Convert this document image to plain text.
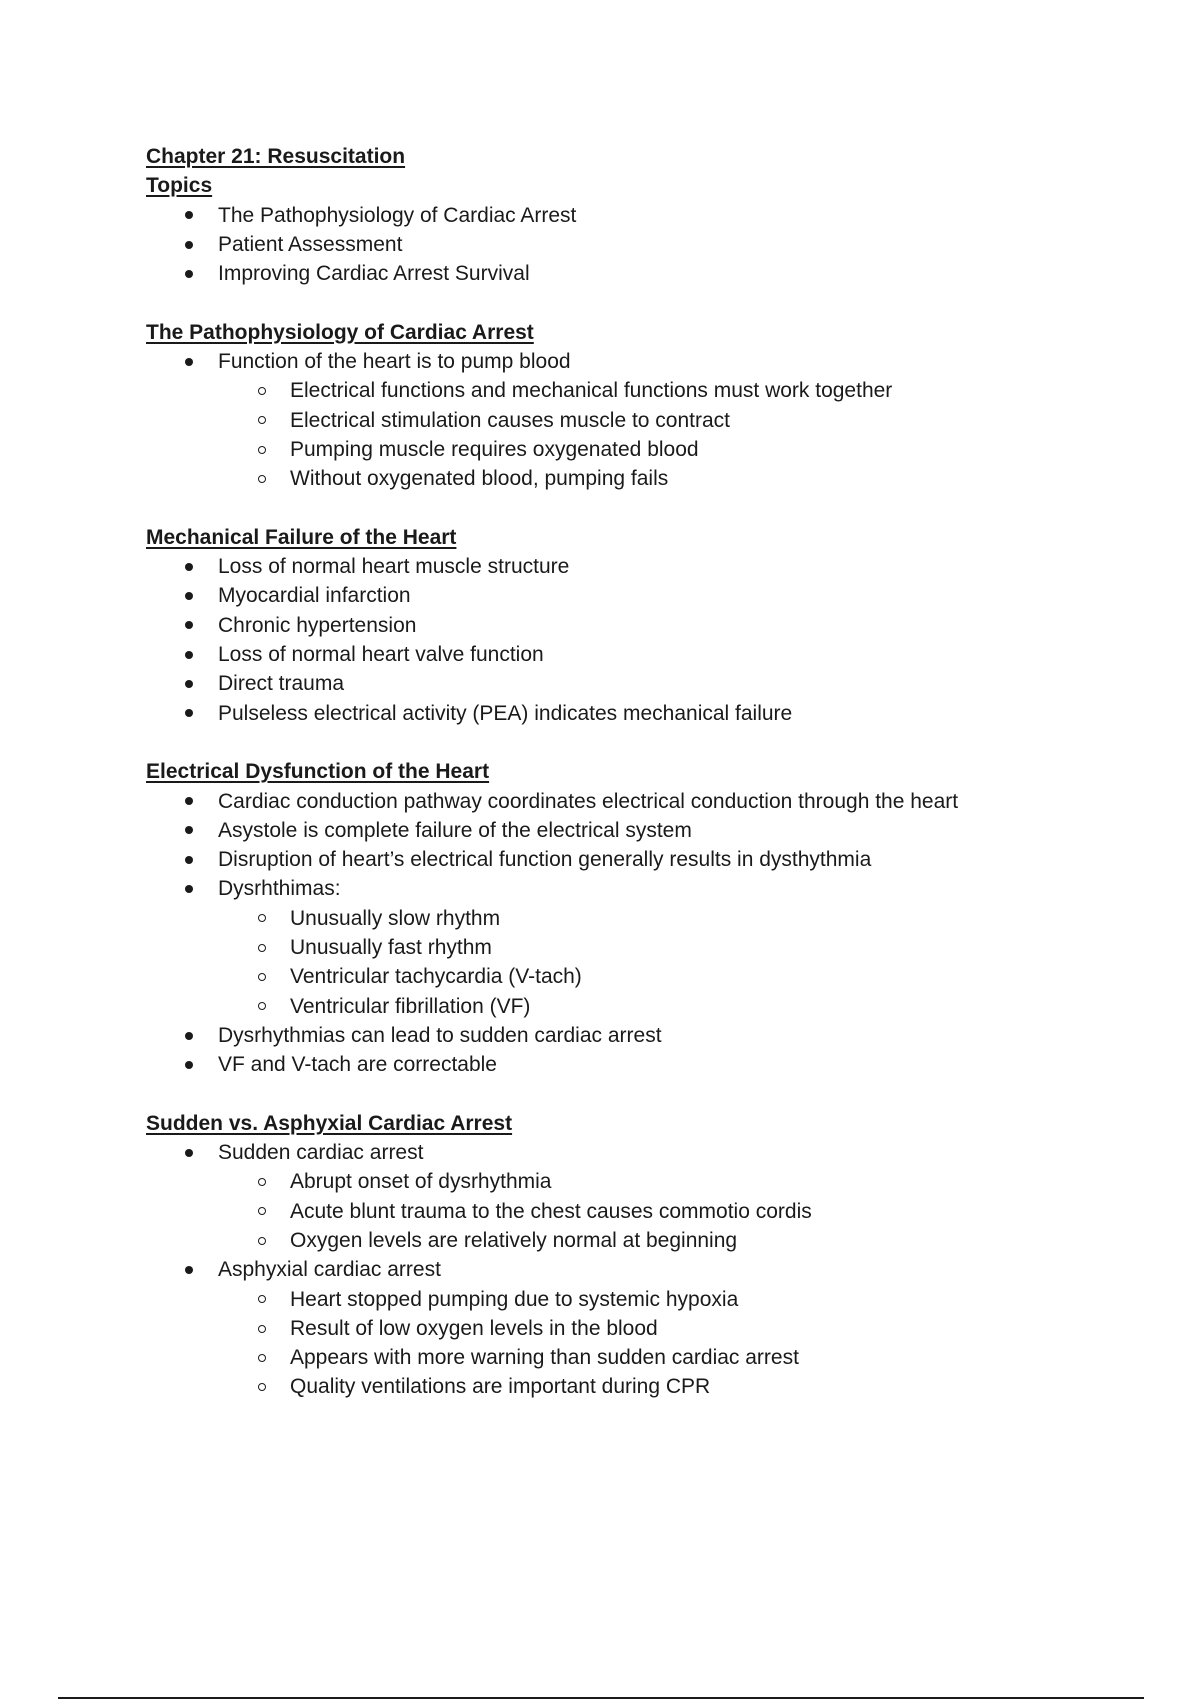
Chapter 21: Resuscitation
Topics
The Pathophysiology of Cardiac Arrest
Patient Assessment
Improving Cardiac Arrest Survival
The Pathophysiology of Cardiac Arrest
Function of the heart is to pump blood
Electrical functions and mechanical functions must work together
Electrical stimulation causes muscle to contract
Pumping muscle requires oxygenated blood
Without oxygenated blood, pumping fails
Mechanical Failure of the Heart
Loss of normal heart muscle structure
Myocardial infarction
Chronic hypertension
Loss of normal heart valve function
Direct trauma
Pulseless electrical activity (PEA) indicates mechanical failure
Electrical Dysfunction of the Heart
Cardiac conduction pathway coordinates electrical conduction through the heart
Asystole is complete failure of the electrical system
Disruption of heart’s electrical function generally results in dysthythmia
Dysrhthimas:
Unusually slow rhythm
Unusually fast rhythm
Ventricular tachycardia (V-tach)
Ventricular fibrillation (VF)
Dysrhythmias can lead to sudden cardiac arrest
VF and V-tach are correctable
Sudden vs. Asphyxial Cardiac Arrest
Sudden cardiac arrest
Abrupt onset of dysrhythmia
Acute blunt trauma to the chest causes commotio cordis
Oxygen levels are relatively normal at beginning
Asphyxial cardiac arrest
Heart stopped pumping due to systemic hypoxia
Result of low oxygen levels in the blood
Appears with more warning than sudden cardiac arrest
Quality ventilations are important during CPR
